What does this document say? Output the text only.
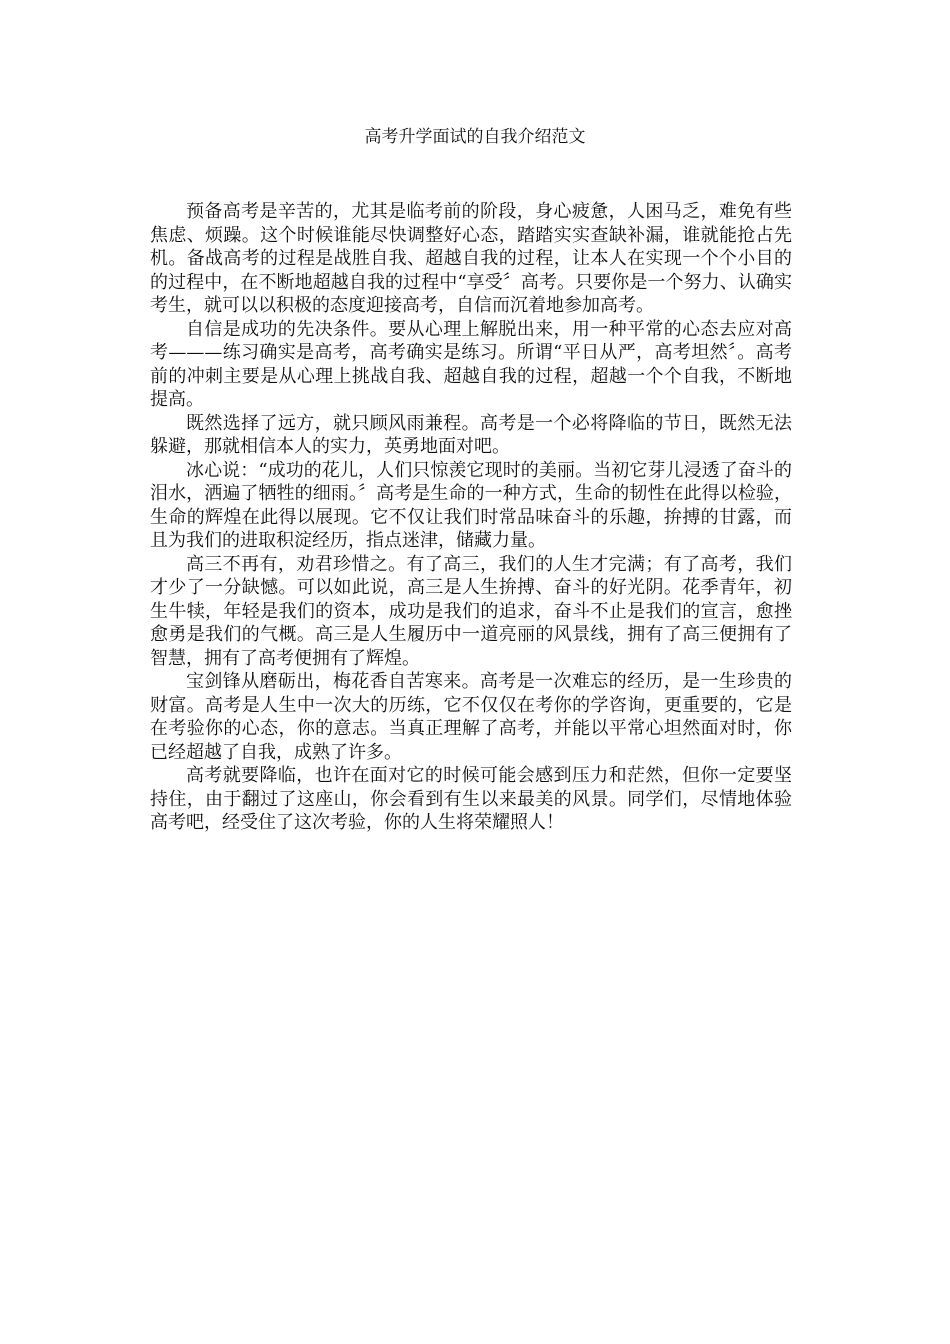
高考升学面试的自我介绍范文

预备高考是辛苦的，尤其是临考前的阶段，身心疲惫，人困马乏，难免有些焦虑、烦躁。这个时候谁能尽快调整好心态，踏踏实实查缺补漏，谁就能抢占先机。备战高考的过程是战胜自我、超越自我的过程，让本人在实现一个个小目的的过程中，在不断地超越自我的过程中“享受〞高考。只要你是一个努力、认确实考生，就可以以积极的态度迎接高考，自信而沉着地参加高考。

自信是成功的先决条件。要从心理上解脱出来，用一种平常的心态去应对高考———练习确实是高考，高考确实是练习。所谓“平日从严，高考坦然〞。高考前的冲刺主要是从心理上挑战自我、超越自我的过程，超越一个个自我，不断地提高。

既然选择了远方，就只顾风雨兼程。高考是一个必将降临的节日，既然无法躲避，那就相信本人的实力，英勇地面对吧。

冰心说：“成功的花儿，人们只惊羡它现时的美丽。当初它芽儿浸透了奋斗的泪水，洒遍了牺牲的细雨。〞高考是生命的一种方式，生命的韧性在此得以检验，生命的辉煌在此得以展现。它不仅让我们时常品味奋斗的乐趣，拚搏的甘露，而且为我们的进取积淀经历，指点迷津，储藏力量。

高三不再有，劝君珍惜之。有了高三，我们的人生才完满；有了高考，我们才少了一分缺憾。可以如此说，高三是人生拚搏、奋斗的好光阴。花季青年，初生牛犊，年轻是我们的资本，成功是我们的追求，奋斗不止是我们的宣言，愈挫愈勇是我们的气概。高三是人生履历中一道亮丽的风景线，拥有了高三便拥有了智慧，拥有了高考便拥有了辉煌。

宝剑锋从磨砺出，梅花香自苦寒来。高考是一次难忘的经历，是一生珍贵的财富。高考是人生中一次大的历练，它不仅仅在考你的学咨询，更重要的，它是在考验你的心态，你的意志。当真正理解了高考，并能以平常心坦然面对时，你已经超越了自我，成熟了许多。

高考就要降临，也许在面对它的时候可能会感到压力和茫然，但你一定要坚持住，由于翻过了这座山，你会看到有生以来最美的风景。同学们，尽情地体验高考吧，经受住了这次考验，你的人生将荣耀照人！
